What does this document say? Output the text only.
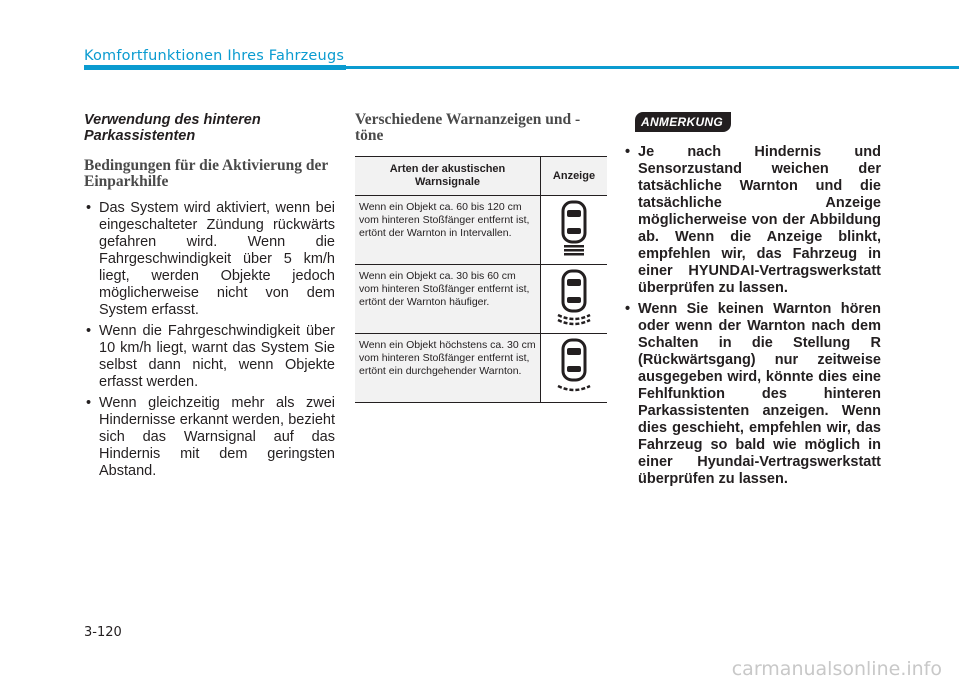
Komfortfunktionen Ihres Fahrzeugs
Verwendung des hinteren Parkassistenten
Bedingungen für die Aktivierung der Einparkhilfe
• Das System wird aktiviert, wenn bei eingeschalteter Zündung rückwärts gefahren wird. Wenn die Fahrgeschwindigkeit über 5 km/h liegt, werden Objekte jedoch möglicherweise nicht von dem System erfasst.
• Wenn die Fahrgeschwindigkeit über 10 km/h liegt, warnt das System Sie selbst dann nicht, wenn Objekte erfasst werden.
• Wenn gleichzeitig mehr als zwei Hindernisse erkannt werden, bezieht sich das Warnsignal auf das Hindernis mit dem geringsten Abstand.
Verschiedene Warnanzeigen und -töne
Arten der akustischen Warnsignale	Anzeige
Wenn ein Objekt ca. 60 bis 120 cm vom hinteren Stoßfänger entfernt ist, ertönt der Warnton in Intervallen.	
Wenn ein Objekt ca. 30 bis 60 cm vom hinteren Stoßfänger entfernt ist, ertönt der Warnton häufiger.	
Wenn ein Objekt höchstens ca. 30 cm vom hinteren Stoßfänger entfernt ist, ertönt ein durchgehender Warnton.	
ANMERKUNG
• Je nach Hindernis und Sensorzustand weichen der tatsächliche Warnton und die tatsächliche Anzeige möglicherweise von der Abbildung ab. Wenn die Anzeige blinkt, empfehlen wir, das Fahrzeug in einer HYUNDAI-Vertragswerkstatt überprüfen zu lassen.
• Wenn Sie keinen Warnton hören oder wenn der Warnton nach dem Schalten in die Stellung R (Rückwärtsgang) nur zeitweise ausgegeben wird, könnte dies eine Fehlfunktion des hinteren Parkassistenten anzeigen. Wenn dies geschieht, empfehlen wir, das Fahrzeug so bald wie möglich in einer Hyundai-Vertragswerkstatt überprüfen zu lassen.
3-120
carmanualsonline.info
